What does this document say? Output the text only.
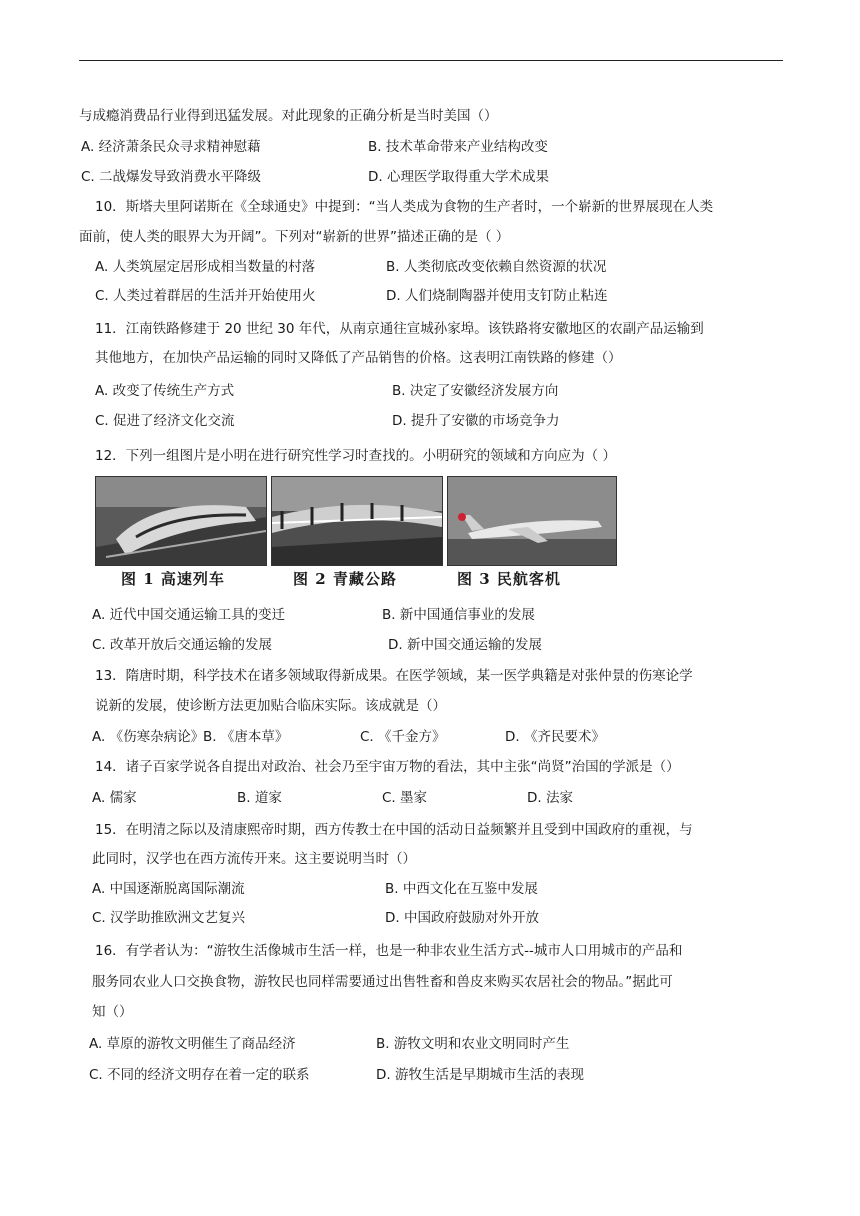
与成瘾消费品行业得到迅猛发展。对此现象的正确分析是当时美国（）
A. 经济萧条民众寻求精神慰藉	B. 技术革命带来产业结构改变
C. 二战爆发导致消费水平降级	D. 心理医学取得重大学术成果
10．斯塔夫里阿诺斯在《全球通史》中提到：“当人类成为食物的生产者时，一个崭新的世界展现在人类
面前，使人类的眼界大为开阔”。下列对“崭新的世界”描述正确的是（ ）
A. 人类筑屋定居形成相当数量的村落	B. 人类彻底改变依赖自然资源的状况
C. 人类过着群居的生活并开始使用火	D. 人们烧制陶器并使用支钉防止粘连
11．江南铁路修建于 20 世纪 30 年代，从南京通往宣城孙家埠。该铁路将安徽地区的农副产品运输到
其他地方，在加快产品运输的同时又降低了产品销售的价格。这表明江南铁路的修建（）
A. 改变了传统生产方式	B. 决定了安徽经济发展方向
C. 促进了经济文化交流	D. 提升了安徽的市场竞争力
12．下列一组图片是小明在进行研究性学习时查找的。小明研究的领域和方向应为（ ）
图 1 高速列车	图 2 青藏公路	图 3 民航客机
A. 近代中国交通运输工具的变迁	B. 新中国通信事业的发展
C. 改革开放后交通运输的发展	D. 新中国交通运输的发展
13．隋唐时期，科学技术在诸多领域取得新成果。在医学领域，某一医学典籍是对张仲景的伤寒论学
说新的发展，使诊断方法更加贴合临床实际。该成就是（）
A. 《伤寒杂病论》
B. 《唐本草》	C. 《千金方》	D. 《齐民要术》
14．诸子百家学说各自提出对政治、社会乃至宇宙万物的看法，其中主张“尚贤”治国的学派是（）
A. 儒家	B. 道家	C. 墨家	D. 法家
15．在明清之际以及清康熙帝时期，西方传教士在中国的活动日益频繁并且受到中国政府的重视，与
此同时，汉学也在西方流传开来。这主要说明当时（）
A. 中国逐渐脱离国际潮流	B. 中西文化在互鉴中发展
C. 汉学助推欧洲文艺复兴	D. 中国政府鼓励对外开放
16．有学者认为：“游牧生活像城市生活一样，也是一种非农业生活方式--城市人口用城市的产品和
服务同农业人口交换食物，游牧民也同样需要通过出售牲畜和兽皮来购买农居社会的物品。”据此可
知（）
A. 草原的游牧文明催生了商品经济	B. 游牧文明和农业文明同时产生
C. 不同的经济文明存在着一定的联系	D. 游牧生活是早期城市生活的表现
